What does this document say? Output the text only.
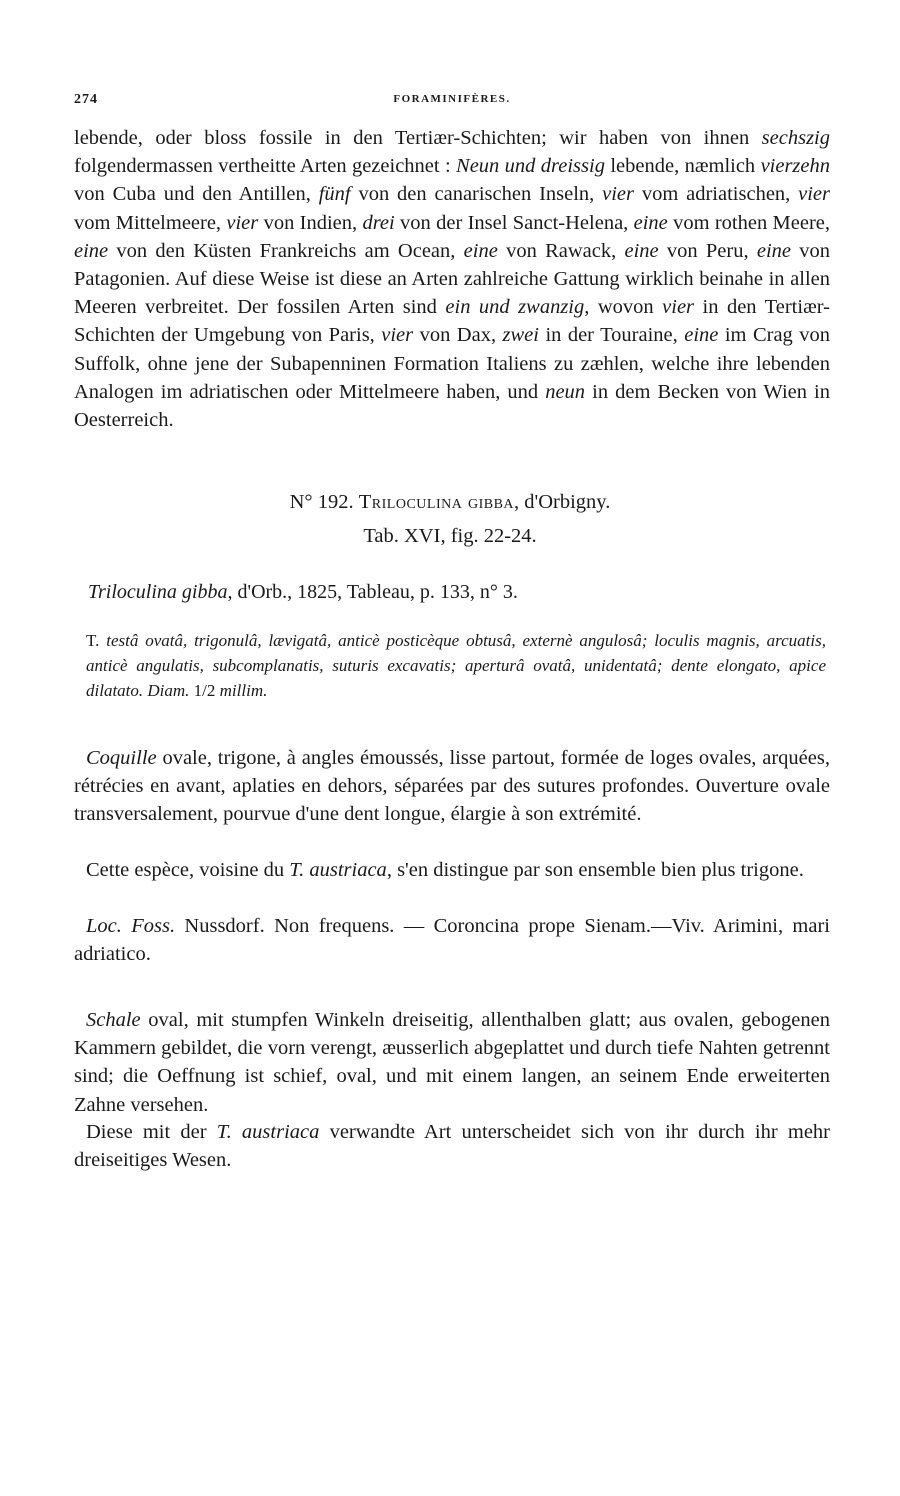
274	FORAMINIFÈRES.

lebende, oder bloss fossile in den Tertiær-Schichten; wir haben von ihnen sechszig folgendermassen vertheitte Arten gezeichnet : Neun und dreissig lebende, næmlich vierzehn von Cuba und den Antillen, fünf von den canarischen Inseln, vier vom adriatischen, vier vom Mittelmeere, vier von Indien, drei von der Insel Sanct-Helena, eine vom rothen Meere, eine von den Küsten Frankreichs am Ocean, eine von Rawack, eine von Peru, eine von Patagonien. Auf diese Weise ist diese an Arten zahlreiche Gattung wirklich beinahe in allen Meeren verbreitet. Der fossilen Arten sind ein und zwanzig, wovon vier in den Tertiær-Schichten der Umgebung von Paris, vier von Dax, zwei in der Touraine, eine im Crag von Suffolk, ohne jene der Subapenninen Formation Italiens zu zæhlen, welche ihre lebenden Analogen im adriatischen oder Mittelmeere haben, und neun in dem Becken von Wien in Oesterreich.

N° 192. Triloculina gibba, d'Orbigny.
Tab. XVI, fig. 22-24.
Triloculina gibba, d'Orb., 1825, Tableau, p. 133, n° 3.
T. testâ ovatâ, trigonulâ, lævigatâ, anticè posticèque obtusâ, externè angulosâ; loculis magnis, arcuatis, anticè angulatis, subcomplanatis, suturis excavatis; aperturâ ovatâ, unidentatâ; dente elongato, apice dilatato. Diam. 1/2 millim.

Coquille ovale, trigone, à angles émoussés, lisse partout, formée de loges ovales, arquées, rétrécies en avant, aplaties en dehors, séparées par des sutures profondes. Ouverture ovale transversalement, pourvue d'une dent longue, élargie à son extrémité.

Cette espèce, voisine du T. austriaca, s'en distingue par son ensemble bien plus trigone.

Loc. Foss. Nussdorf. Non frequens. — Coroncina prope Sienam.—Viv. Arimini, mari adriatico.

Schale oval, mit stumpfen Winkeln dreiseitig, allenthalben glatt; aus ovalen, gebogenen Kammern gebildet, die vorn verengt, æusserlich abgeplattet und durch tiefe Nahten getrennt sind; die Oeffnung ist schief, oval, und mit einem langen, an seinem Ende erweiterten Zahne versehen.

Diese mit der T. austriaca verwandte Art unterscheidet sich von ihr durch ihr mehr dreiseitiges Wesen.
